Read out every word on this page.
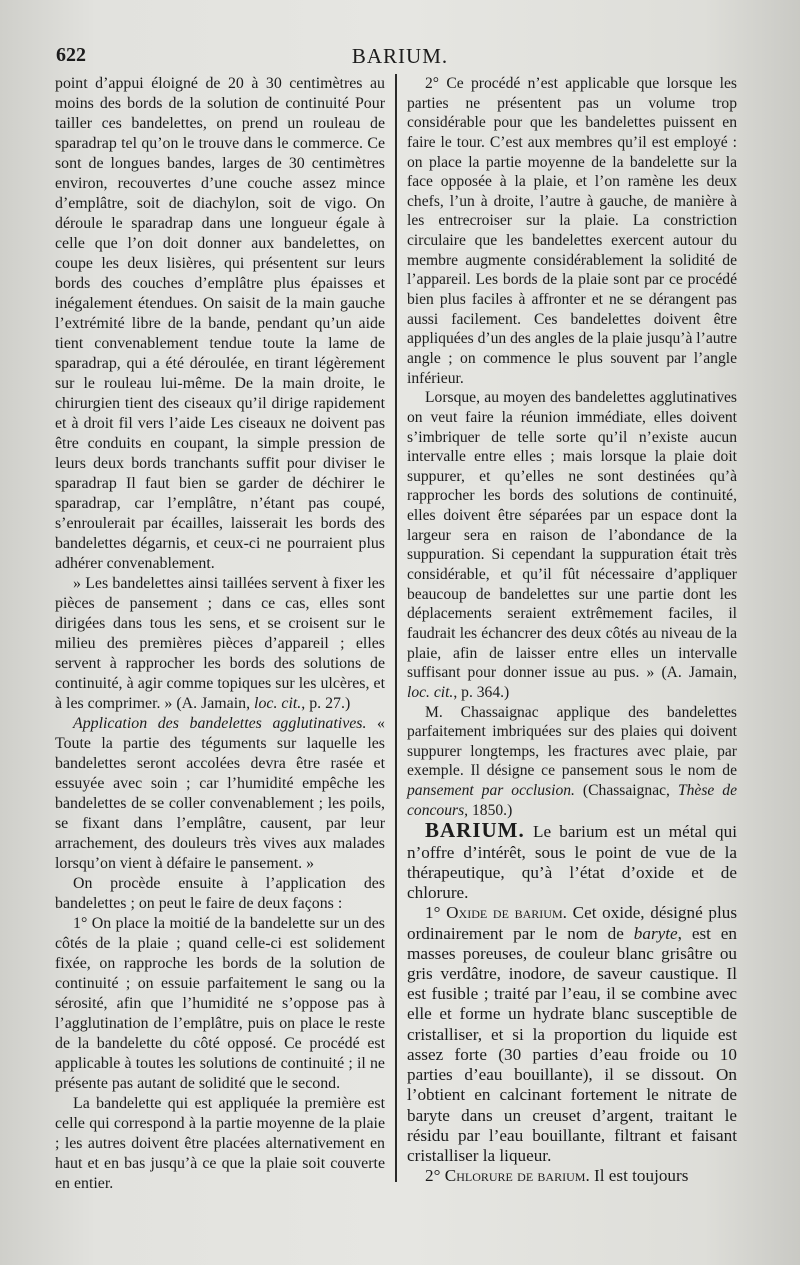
622	BARIUM.

point d’appui éloigné de 20 à 30 centimètres au moins des bords de la solution de continuité Pour tailler ces bandelettes, on prend un rouleau de sparadrap tel qu’on le trouve dans le commerce. Ce sont de longues bandes, larges de 30 centimètres environ, recouvertes d’une couche assez mince d’emplâtre, soit de diachylon, soit de vigo. On déroule le sparadrap dans une longueur égale à celle que l’on doit donner aux bandelettes, on coupe les deux lisières, qui présentent sur leurs bords des couches d’emplâtre plus épaisses et inégalement étendues. On saisit de la main gauche l’extrémité libre de la bande, pendant qu’un aide tient convenablement tendue toute la lame de sparadrap, qui a été déroulée, en tirant légèrement sur le rouleau lui-même. De la main droite, le chirurgien tient des ciseaux qu’il dirige rapidement et à droit fil vers l’aide Les ciseaux ne doivent pas être conduits en coupant, la simple pression de leurs deux bords tranchants suffit pour diviser le sparadrap Il faut bien se garder de déchirer le sparadrap, car l’emplâtre, n’étant pas coupé, s’enroulerait par écailles, laisserait les bords des bandelettes dégarnis, et ceux-ci ne pourraient plus adhérer convenablement.

» Les bandelettes ainsi taillées servent à fixer les pièces de pansement ; dans ce cas, elles sont dirigées dans tous les sens, et se croisent sur le milieu des premières pièces d’appareil ; elles servent à rapprocher les bords des solutions de continuité, à agir comme topiques sur les ulcères, et à les comprimer. » (A. Jamain, loc. cit., p. 27.)

Application des bandelettes agglutinatives. « Toute la partie des téguments sur laquelle les bandelettes seront accolées devra être rasée et essuyée avec soin ; car l’humidité empêche les bandelettes de se coller convenablement ; les poils, se fixant dans l’emplâtre, causent, par leur arrachement, des douleurs très vives aux malades lorsqu’on vient à défaire le pansement. »

On procède ensuite à l’application des bandelettes ; on peut le faire de deux façons :

1° On place la moitié de la bandelette sur un des côtés de la plaie ; quand celle-ci est solidement fixée, on rapproche les bords de la solution de continuité ; on essuie parfaitement le sang ou la sérosité, afin que l’humidité ne s’oppose pas à l’agglutination de l’emplâtre, puis on place le reste de la bandelette du côté opposé. Ce procédé est applicable à toutes les solutions de continuité ; il ne présente pas autant de solidité que le second.

La bandelette qui est appliquée la première est celle qui correspond à la partie moyenne de la plaie ; les autres doivent être placées alternativement en haut et en bas jusqu’à ce que la plaie soit couverte en entier.

2° Ce procédé n’est applicable que lorsque les parties ne présentent pas un volume trop considérable pour que les bandelettes puissent en faire le tour. C’est aux membres qu’il est employé : on place la partie moyenne de la bandelette sur la face opposée à la plaie, et l’on ramène les deux chefs, l’un à droite, l’autre à gauche, de manière à les entrecroiser sur la plaie. La constriction circulaire que les bandelettes exercent autour du membre augmente considérablement la solidité de l’appareil. Les bords de la plaie sont par ce procédé bien plus faciles à affronter et ne se dérangent pas aussi facilement. Ces bandelettes doivent être appliquées d’un des angles de la plaie jusqu’à l’autre angle ; on commence le plus souvent par l’angle inférieur.

Lorsque, au moyen des bandelettes agglutinatives on veut faire la réunion immédiate, elles doivent s’imbriquer de telle sorte qu’il n’existe aucun intervalle entre elles ; mais lorsque la plaie doit suppurer, et qu’elles ne sont destinées qu’à rapprocher les bords des solutions de continuité, elles doivent être séparées par un espace dont la largeur sera en raison de l’abondance de la suppuration. Si cependant la suppuration était très considérable, et qu’il fût nécessaire d’appliquer beaucoup de bandelettes sur une partie dont les déplacements seraient extrêmement faciles, il faudrait les échancrer des deux côtés au niveau de la plaie, afin de laisser entre elles un intervalle suffisant pour donner issue au pus. » (A. Jamain, loc. cit., p. 364.)

M. Chassaignac applique des bandelettes parfaitement imbriquées sur des plaies qui doivent suppurer longtemps, les fractures avec plaie, par exemple. Il désigne ce pansement sous le nom de pansement par occlusion. (Chassaignac, Thèse de concours, 1850.)

BARIUM. Le barium est un métal qui n’offre d’intérêt, sous le point de vue de la thérapeutique, qu’à l’état d’oxide et de chlorure.

1° Oxide de barium. Cet oxide, désigné plus ordinairement par le nom de baryte, est en masses poreuses, de couleur blanc grisâtre ou gris verdâtre, inodore, de saveur caustique. Il est fusible ; traité par l’eau, il se combine avec elle et forme un hydrate blanc susceptible de cristalliser, et si la proportion du liquide est assez forte (30 parties d’eau froide ou 10 parties d’eau bouillante), il se dissout. On l’obtient en calcinant fortement le nitrate de baryte dans un creuset d’argent, traitant le résidu par l’eau bouillante, filtrant et faisant cristalliser la liqueur.

2° Chlorure de barium. Il est toujours
